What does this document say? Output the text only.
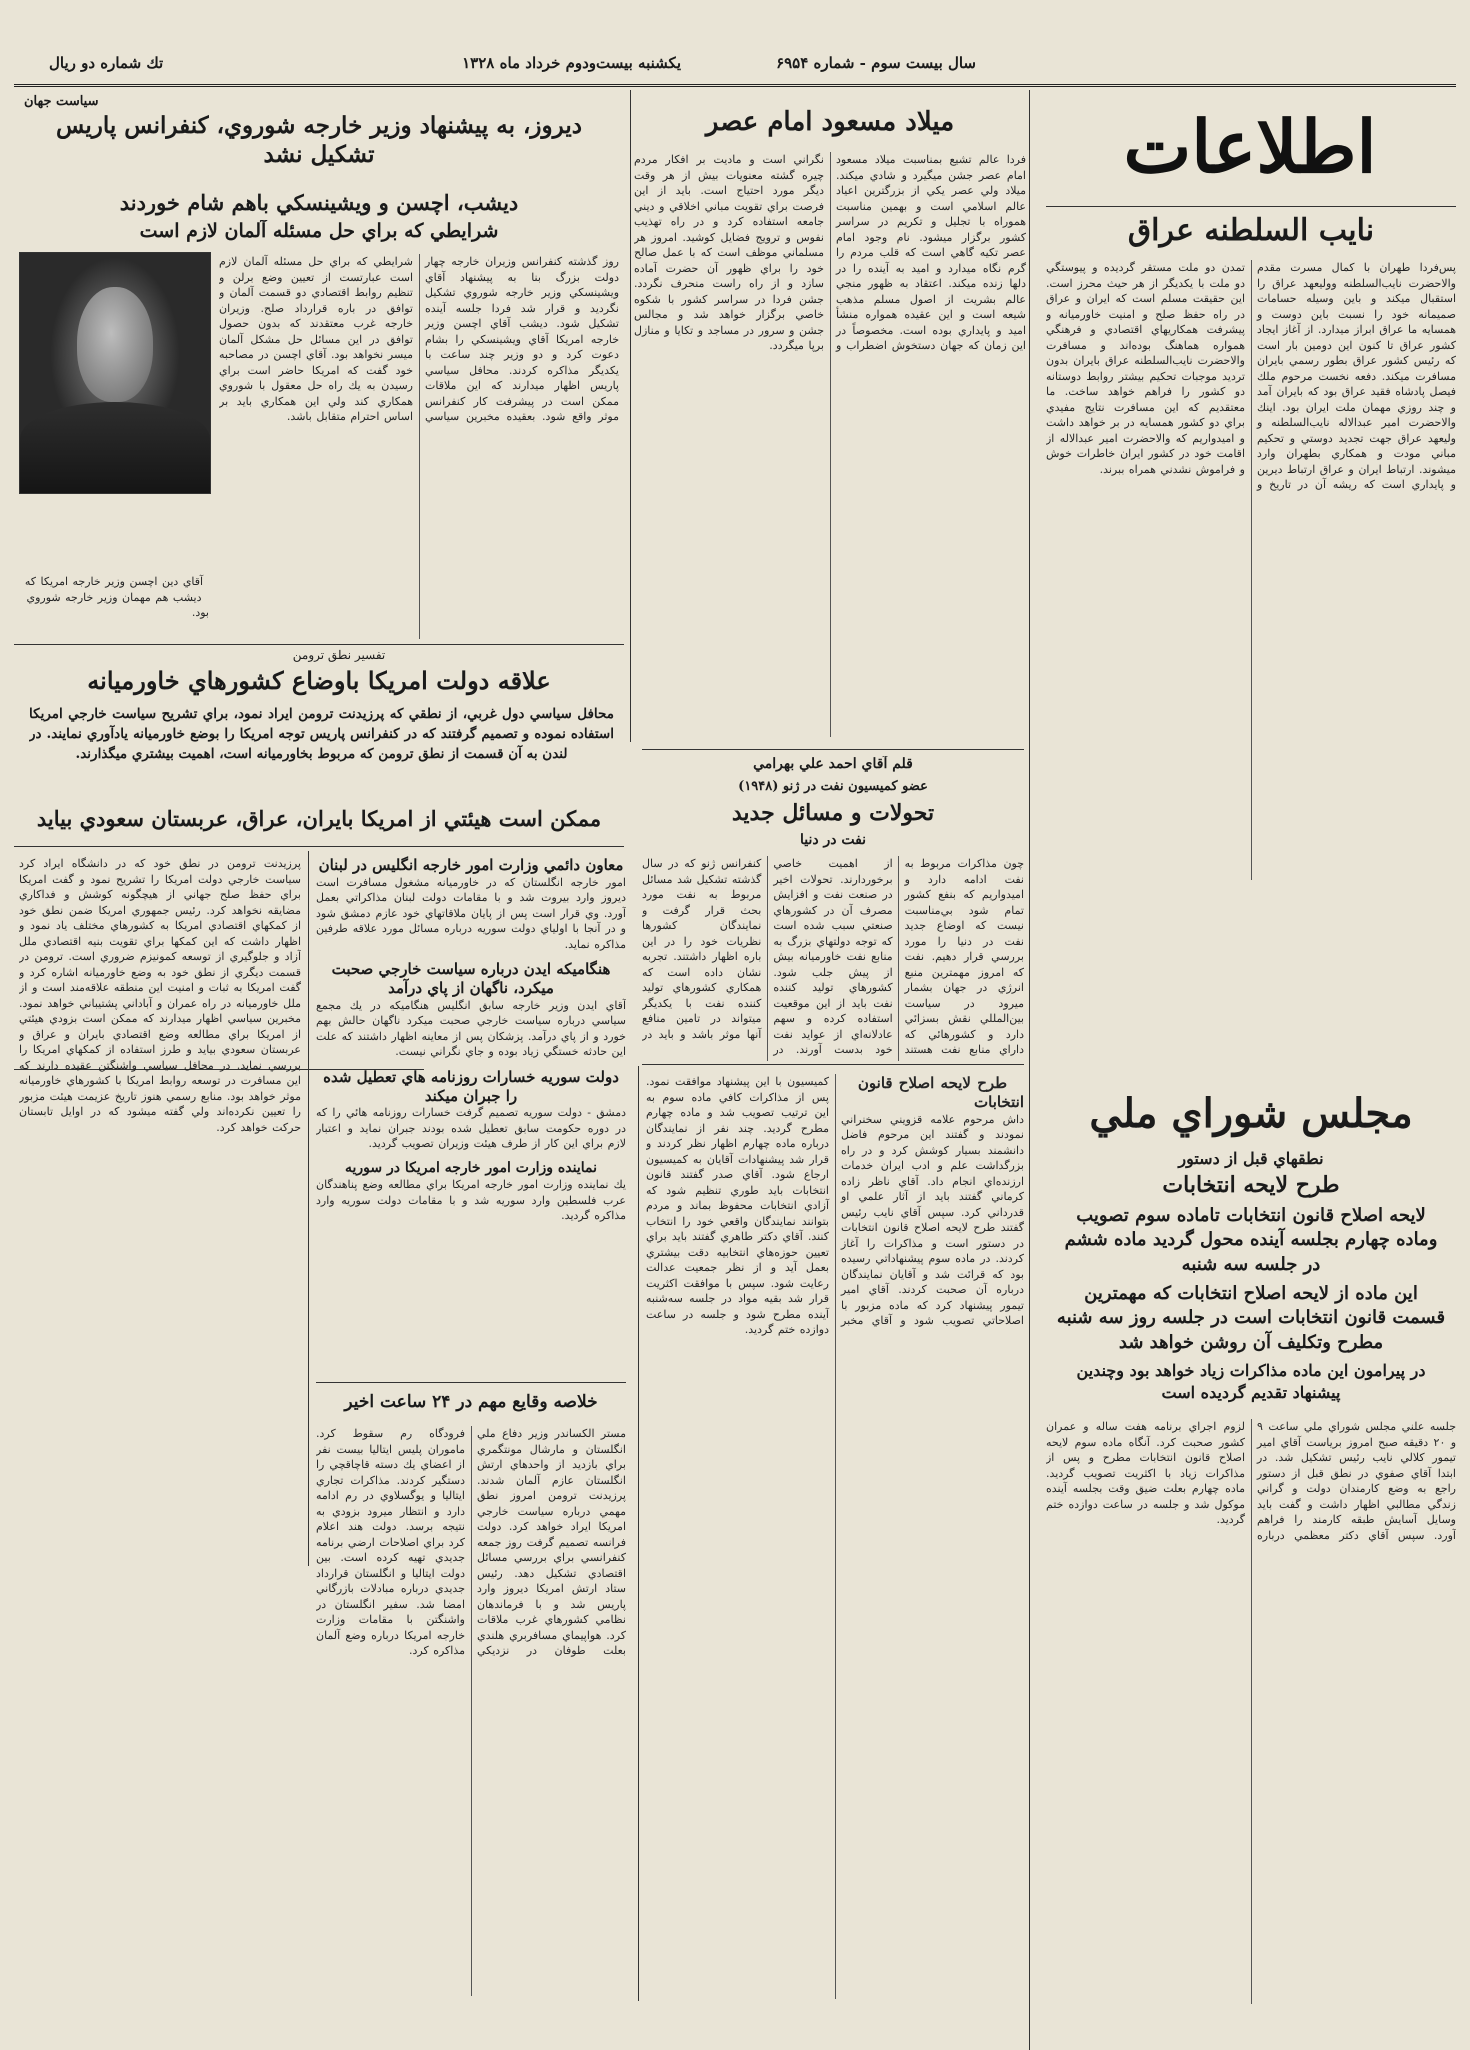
سال بيست سوم - شماره ۶۹۵۴
يكشنبه بيست‌ودوم خرداد ماه ۱۳۲۸
تك شماره دو ريال
اطلاعات
نايب السلطنه عراق
پس‌فردا طهران با كمال مسرت مقدم والاحضرت نايب‌السلطنه وولیعهد عراق را استقبال ميكند و باين وسيله حسامات صميمانه خود را نسبت باين دوست و همسايه ما عراق ابراز ميدارد. از آغاز ايجاد كشور عراق تا كنون اين دومين بار است كه رئيس كشور عراق بطور رسمي بايران مسافرت ميكند. دفعه نخست مرحوم ملك فيصل پادشاه فقيد عراق بود كه بايران آمد و چند روزي مهمان ملت ايران بود. اينك والاحضرت امير عبدالاله نايب‌السلطنه و وليعهد عراق جهت تجديد دوستي و تحكيم مباني مودت و همكاري بطهران وارد ميشوند. ارتباط ايران و عراق ارتباط ديرين و پايداري است كه ريشه آن در تاريخ و تمدن دو ملت مستقر گرديده و پيوستگي دو ملت با يكديگر از هر حيث محرز است. اين حقيقت مسلم است كه ايران و عراق در راه حفظ صلح و امنيت خاورميانه و پيشرفت همكاريهاي اقتصادي و فرهنگي همواره هماهنگ بوده‌اند و مسافرت والاحضرت نايب‌السلطنه عراق بايران بدون ترديد موجبات تحكيم بيشتر روابط دوستانه دو كشور را فراهم خواهد ساخت. ما معتقديم كه اين مسافرت نتايج مفيدي براي دو كشور همسايه در بر خواهد داشت و اميدواريم كه والاحضرت امير عبدالاله از اقامت خود در كشور ايران خاطرات خوش و فراموش نشدني همراه ببرند.
مجلس شوراي ملي
نطقهاي قبل از دستور
طرح لايحه انتخابات
لايحه اصلاح قانون انتخابات تاماده سوم تصويب وماده چهارم بجلسه آينده محول گرديد ماده ششم در جلسه سه شنبه
اين ماده از لايحه اصلاح انتخابات كه مهمترين قسمت قانون انتخابات است در جلسه روز سه شنبه مطرح وتكليف آن روشن خواهد شد
در پيرامون اين ماده مذاكرات زياد خواهد بود وچندين پيشنهاد تقديم گرديده است
جلسه علني مجلس شوراي ملي ساعت ۹ و ۲۰ دقيقه صبح امروز برياست آقاي امير تيمور كلالي نايب رئيس تشكيل شد. در ابتدا آقاي صفوي در نطق قبل از دستور راجع به وضع كارمندان دولت و گراني زندگي مطالبي اظهار داشت و گفت بايد وسايل آسايش طبقه كارمند را فراهم آورد. سپس آقاي دكتر معظمي درباره لزوم اجراي برنامه هفت ساله و عمران كشور صحبت كرد. آنگاه ماده سوم لايحه اصلاح قانون انتخابات مطرح و پس از مذاكرات زياد با اكثريت تصويب گرديد. ماده چهارم بعلت ضيق وقت بجلسه آينده موكول شد و جلسه در ساعت دوازده ختم گرديد.
ميلاد مسعود امام عصر
فردا عالم تشيع بمناسبت ميلاد مسعود امام عصر جشن ميگيرد و شادي ميكند. ميلاد ولي عصر يكي از بزرگترين اعياد عالم اسلامي است و بهمين مناسبت هموراه با تجليل و تكريم در سراسر كشور برگزار ميشود. نام وجود امام عصر تكيه گاهي است كه قلب مردم را گرم نگاه ميدارد و اميد به آينده را در دلها زنده ميكند. اعتقاد به ظهور منجي عالم بشريت از اصول مسلم مذهب شيعه است و اين عقيده همواره منشأ اميد و پايداري بوده است. مخصوصاً در اين زمان كه جهان دستخوش اضطراب و نگراني است و ماديت بر افكار مردم چيره گشته معنويات بيش از هر وقت ديگر مورد احتياج است. بايد از اين فرصت براي تقويت مباني اخلاقي و ديني جامعه استفاده كرد و در راه تهذيب نفوس و ترويج فضايل كوشيد. امروز هر مسلماني موظف است كه با عمل صالح خود را براي ظهور آن حضرت آماده سازد و از راه راست منحرف نگردد. جشن فردا در سراسر كشور با شكوه خاصي برگزار خواهد شد و مجالس جشن و سرور در مساجد و تكايا و منازل برپا ميگردد.
سياست جهان
ديروز، به پيشنهاد وزير خارجه شوروي، كنفرانس پاريس تشكيل نشد
ديشب، اچسن و ويشينسكي باهم شام خوردند
شرايطي كه براي حل مسئله آلمان لازم است
آقاي دين اچسن وزير خارجه امريكا كه ديشب هم مهمان وزير خارجه شوروي بود.
روز گذشته كنفرانس وزيران خارجه چهار دولت بزرگ بنا به پيشنهاد آقاي ويشينسكي وزير خارجه شوروي تشكيل نگرديد و قرار شد فردا جلسه آينده تشكيل شود. ديشب آقاي اچسن وزير خارجه امريكا آقاي ويشينسكي را بشام دعوت كرد و دو وزير چند ساعت با يكديگر مذاكره كردند. محافل سياسي پاريس اظهار ميدارند كه اين ملاقات ممكن است در پيشرفت كار كنفرانس موثر واقع شود. بعقيده مخبرين سياسي شرايطي كه براي حل مسئله آلمان لازم است عبارتست از تعيين وضع برلن و تنظيم روابط اقتصادي دو قسمت آلمان و توافق در باره قرارداد صلح. وزيران خارجه غرب معتقدند كه بدون حصول توافق در اين مسائل حل مشكل آلمان ميسر نخواهد بود. آقاي اچسن در مصاحبه خود گفت كه امريكا حاضر است براي رسيدن به يك راه حل معقول با شوروي همكاري كند ولي اين همكاري بايد بر اساس احترام متقابل باشد.
تفسير نطق ترومن
علاقه دولت امريكا باوضاع كشورهاي خاورميانه
محافل سياسي دول غربي، از نطقي كه پرزيدنت ترومن ايراد نمود، براي تشريح سياست خارجي امريكا استفاده نموده و تصميم گرفتند كه در كنفرانس پاريس توجه امريكا را بوضع خاورميانه يادآوري نمايند. در لندن به آن قسمت از نطق ترومن كه مربوط بخاورميانه است، اهميت بيشتري ميگذارند.
ممكن است هيئتي از امريكا بايران، عراق، عربستان سعودي بيايد
معاون دائمي وزارت امور خارجه انگليس در لبنان
امور خارجه انگلستان كه در خاورميانه مشغول مسافرت است ديروز وارد بيروت شد و با مقامات دولت لبنان مذاكراتي بعمل آورد. وي قرار است پس از پايان ملاقاتهاي خود عازم دمشق شود و در آنجا با اولياي دولت سوريه درباره مسائل مورد علاقه طرفين مذاكره نمايد.
هنگاميكه ايدن درباره سياست خارجي صحبت ميكرد، ناگهان از پاي درآمد
آقاي ايدن وزير خارجه سابق انگليس هنگاميكه در يك مجمع سياسي درباره سياست خارجي صحبت ميكرد ناگهان حالش بهم خورد و از پاي درآمد. پزشكان پس از معاينه اظهار داشتند كه علت اين حادثه خستگي زياد بوده و جاي نگراني نيست.
دولت سوريه خسارات روزنامه هاي تعطيل شده را جبران ميكند
دمشق - دولت سوريه تصميم گرفت خسارات روزنامه هائي را كه در دوره حكومت سابق تعطيل شده بودند جبران نمايد و اعتبار لازم براي اين كار از طرف هيئت وزيران تصويب گرديد.
نماينده وزارت امور خارجه امريكا در سوريه
يك نماينده وزارت امور خارجه امريكا براي مطالعه وضع پناهندگان عرب فلسطين وارد سوريه شد و با مقامات دولت سوريه وارد مذاكره گرديد.
پرزيدنت ترومن در نطق خود كه در دانشگاه ايراد كرد سياست خارجي دولت امريكا را تشريح نمود و گفت امريكا براي حفظ صلح جهاني از هيچگونه كوشش و فداكاري مضايقه نخواهد كرد. رئيس جمهوري امريكا ضمن نطق خود از كمكهاي اقتصادي امريكا به كشورهاي مختلف ياد نمود و اظهار داشت كه اين كمكها براي تقويت بنيه اقتصادي ملل آزاد و جلوگيري از توسعه كمونيزم ضروري است. ترومن در قسمت ديگري از نطق خود به وضع خاورميانه اشاره كرد و گفت امريكا به ثبات و امنيت اين منطقه علاقه‌مند است و از ملل خاورميانه در راه عمران و آباداني پشتيباني خواهد نمود. مخبرين سياسي اظهار ميدارند كه ممكن است بزودي هيئتي از امريكا براي مطالعه وضع اقتصادي بايران و عراق و عربستان سعودي بيايد و طرز استفاده از كمكهاي امريكا را بررسي نمايد. در محافل سياسي واشنگتن عقيده دارند كه اين مسافرت در توسعه روابط امريكا با كشورهاي خاورميانه موثر خواهد بود. منابع رسمي هنوز تاريخ عزيمت هيئت مزبور را تعيين نكرده‌اند ولي گفته ميشود كه در اوايل تابستان حركت خواهد كرد.
قلم آقاي احمد علي بهرامي
عضو كميسيون نفت در ژنو (۱۹۴۸)
تحولات و مسائل جديد
نفت در دنيا
چون مذاكرات مربوط به نفت ادامه دارد و اميدواريم كه بنفع كشور تمام شود بي‌مناسبت نيست كه اوضاع جديد نفت در دنيا را مورد بررسي قرار دهيم. نفت كه امروز مهمترين منبع انرژي در جهان بشمار ميرود در سياست بين‌المللي نقش بسزائي دارد و كشورهائي كه داراي منابع نفت هستند از اهميت خاصي برخوردارند. تحولات اخير در صنعت نفت و افزايش مصرف آن در كشورهاي صنعتي سبب شده است كه توجه دولتهاي بزرگ به منابع نفت خاورميانه بيش از پيش جلب شود. كشورهاي توليد كننده نفت بايد از اين موقعيت استفاده كرده و سهم عادلانه‌اي از عوايد نفت خود بدست آورند. در كنفرانس ژنو كه در سال گذشته تشكيل شد مسائل مربوط به نفت مورد بحث قرار گرفت و نمايندگان كشورها نظريات خود را در اين باره اظهار داشتند. تجربه نشان داده است كه همكاري كشورهاي توليد كننده نفت با يكديگر ميتواند در تامين منافع آنها موثر باشد و بايد در
طرح لايحه اصلاح قانون انتخابات
داش مرحوم علامه قزويني سخنراني نمودند و گفتند اين مرحوم فاضل دانشمند بسيار كوشش كرد و در راه بزرگداشت علم و ادب ايران خدمات ارزنده‌اي انجام داد. آقاي ناظر زاده كرماني گفتند بايد از آثار علمي او قدرداني كرد. سپس آقاي نايب رئيس گفتند طرح لايحه اصلاح قانون انتخابات در دستور است و مذاكرات را آغاز كردند. در ماده سوم پيشنهاداتي رسيده بود كه قرائت شد و آقايان نمايندگان درباره آن صحبت كردند. آقاي امير تيمور پيشنهاد كرد كه ماده مزبور با اصلاحاتي تصويب شود و آقاي مخبر كميسيون با اين پيشنهاد موافقت نمود. پس از مذاكرات كافي ماده سوم به اين ترتيب تصويب شد و ماده چهارم مطرح گرديد. چند نفر از نمايندگان درباره ماده چهارم اظهار نظر كردند و قرار شد پيشنهادات آقايان به كميسيون ارجاع شود. آقاي صدر گفتند قانون انتخابات بايد طوري تنظيم شود كه آزادي انتخابات محفوظ بماند و مردم بتوانند نمايندگان واقعي خود را انتخاب كنند. آقاي دكتر طاهري گفتند بايد براي تعيين حوزه‌هاي انتخابيه دقت بيشتري بعمل آيد و از نظر جمعيت عدالت رعايت شود. سپس با موافقت اكثريت قرار شد بقيه مواد در جلسه سه‌شنبه آينده مطرح شود و جلسه در ساعت دوازده ختم گرديد.
خلاصه وقايع مهم در ۲۴ ساعت اخير
مستر الكساندر وزير دفاع ملي انگلستان و مارشال مونتگمري براي بازديد از واحدهاي ارتش انگلستان عازم آلمان شدند. پرزيدنت ترومن امروز نطق مهمي درباره سياست خارجي امريكا ايراد خواهد كرد. دولت فرانسه تصميم گرفت روز جمعه كنفرانسي براي بررسي مسائل اقتصادي تشكيل دهد. رئيس ستاد ارتش امريكا ديروز وارد پاريس شد و با فرماندهان نظامي كشورهاي غرب ملاقات كرد. هواپيماي مسافربري هلندي بعلت طوفان در نزديكي فرودگاه رم سقوط كرد. ماموران پليس ايتاليا بيست نفر از اعضاي يك دسته قاچاقچي را دستگير كردند. مذاكرات تجاري ايتاليا و يوگسلاوي در رم ادامه دارد و انتظار ميرود بزودي به نتيجه برسد. دولت هند اعلام كرد براي اصلاحات ارضي برنامه جديدي تهيه كرده است. بين دولت ايتاليا و انگلستان قرارداد جديدي درباره مبادلات بازرگاني امضا شد. سفير انگلستان در واشنگتن با مقامات وزارت خارجه امريكا درباره وضع آلمان مذاكره كرد.
